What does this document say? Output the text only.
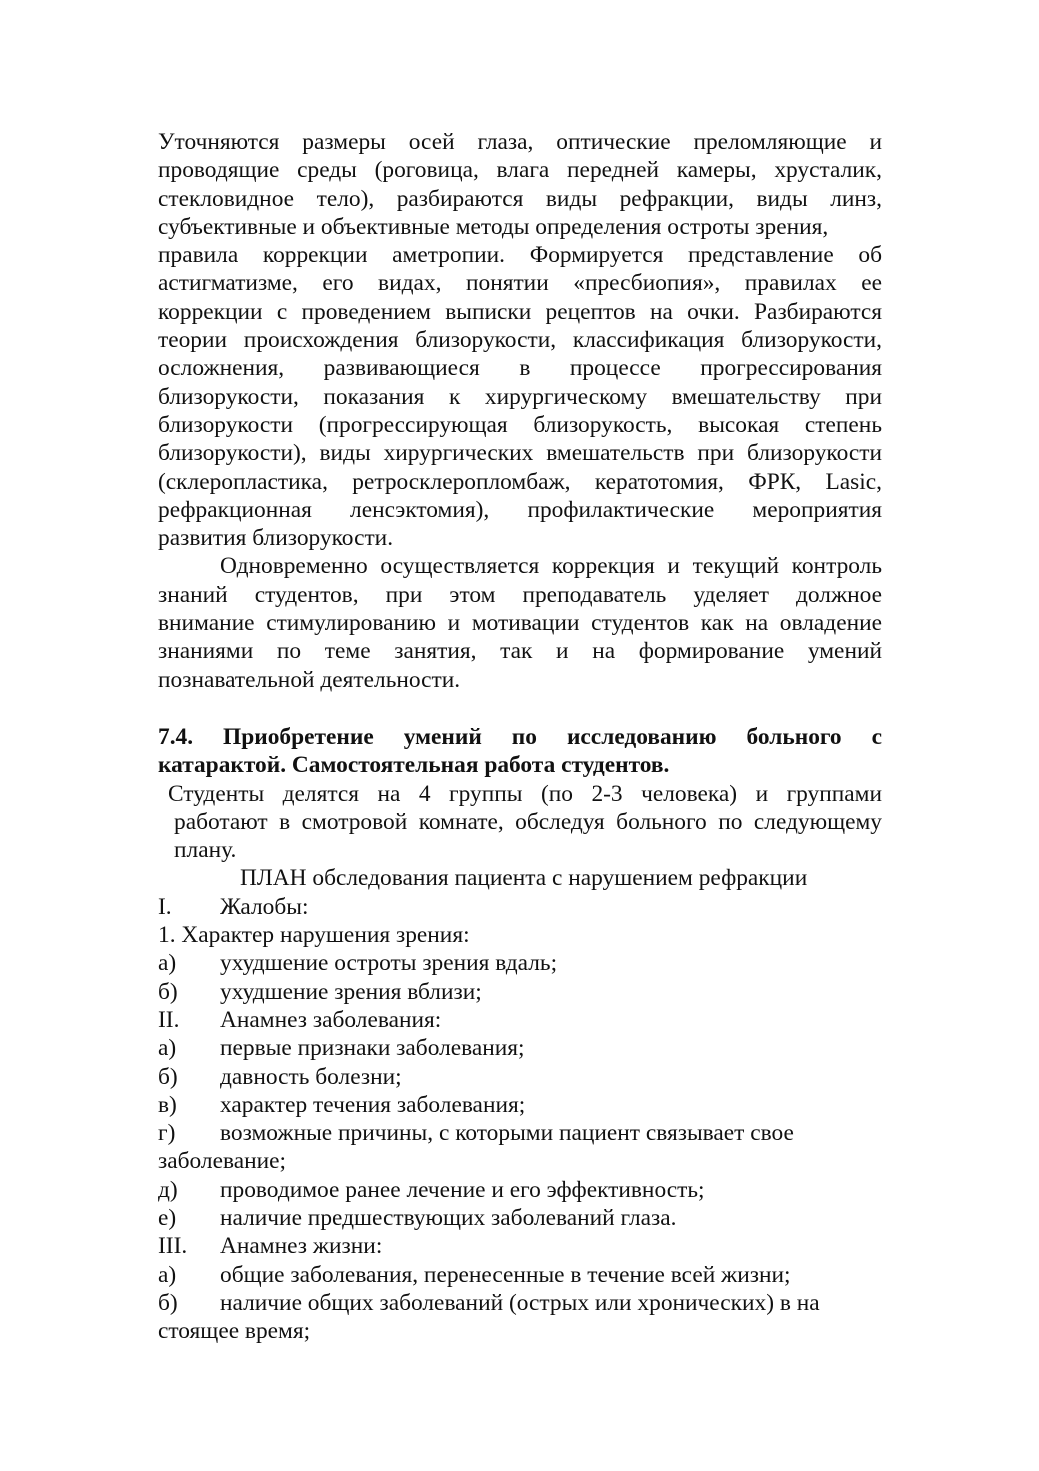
Уточняются размеры осей глаза, оптические преломляющие и
проводящие среды (роговица, влага передней камеры, хрусталик,
стекловидное тело), разбираются виды рефракции, виды линз,
субъективные и объективные методы определения остроты зрения,
правила коррекции аметропии. Формируется представление об
астигматизме, его видах, понятии «пресбиопия», правилах ее
коррекции с проведением выписки рецептов на очки. Разбираются
теории происхождения близорукости, классификация близорукости,
осложнения, развивающиеся в процессе прогрессирования
близорукости, показания к хирургическому вмешательству при
близорукости (прогрессирующая близорукость, высокая степень
близорукости), виды хирургических вмешательств при близорукости
(склеропластика, ретросклеропломбаж, кератотомия, ФРК, Lasic,
рефракционная ленсэктомия), профилактические мероприятия
развития близорукости.
Одновременно осуществляется коррекция и текущий контроль
знаний студентов, при этом преподаватель уделяет должное
внимание стимулированию и мотивации студентов как на овладение
знаниями по теме занятия, так и на формирование умений
познавательной деятельности.
7.4. Приобретение умений по исследованию больного с
катарактой. Самостоятельная работа студентов.
Студенты делятся на 4 группы (по 2-3 человека) и группами
работают в смотровой комнате, обследуя больного по следующему
плану.
ПЛАН обследования пациента с нарушением рефракции
I. Жалобы:
1. Характер нарушения зрения:
а) ухудшение остроты зрения вдаль;
б) ухудшение зрения вблизи;
II. Анамнез заболевания:
а) первые признаки заболевания;
б) давность болезни;
в) характер течения заболевания;
г) возможные причины, с которыми пациент связывает свое
заболевание;
д) проводимое ранее лечение и его эффективность;
е) наличие предшествующих заболеваний глаза.
III. Анамнез жизни:
а) общие заболевания, перенесенные в течение всей жизни;
б) наличие общих заболеваний (острых или хронических) в на
стоящее время;
